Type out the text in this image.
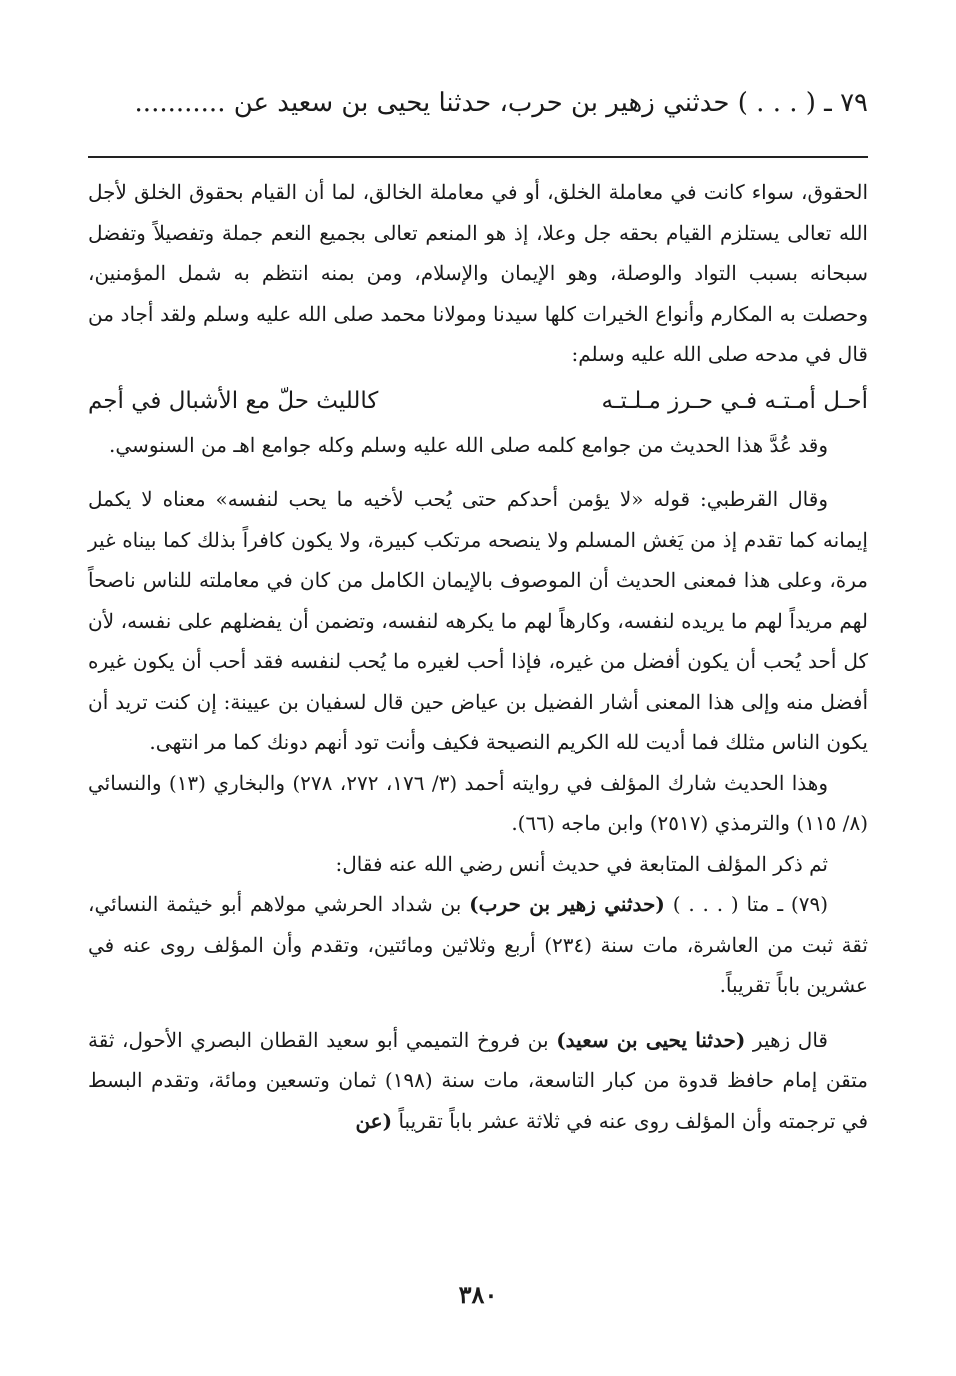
٧٩ ـ ( . . . ) حدثني زهير بن حرب، حدثنا يحيى بن سعيد عن ...........

الحقوق، سواء كانت في معاملة الخلق، أو في معاملة الخالق، لما أن القيام بحقوق الخلق لأجل الله تعالى يستلزم القيام بحقه جل وعلا، إذ هو المنعم تعالى بجميع النعم جملة وتفصيلاً وتفضل سبحانه بسبب التواد والوصلة، وهو الإيمان والإسلام، ومن بمنه انتظم به شمل المؤمنين، وحصلت به المكارم وأنواع الخيرات كلها سيدنا ومولانا محمد صلى الله عليه وسلم ولقد أجاد من قال في مدحه صلى الله عليه وسلم:

أحـل أمـتـه فـي حـرز مـلـتـه
كالليث حلّ مع الأشبال في أجم

وقد عُدَّ هذا الحديث من جوامع كلمه صلى الله عليه وسلم وكله جوامع اهـ من السنوسي.

وقال القرطبي: قوله «لا يؤمن أحدكم حتى يُحب لأخيه ما يحب لنفسه» معناه لا يكمل إيمانه كما تقدم إذ من يَغش المسلم ولا ينصحه مرتكب كبيرة، ولا يكون كافراً بذلك كما بيناه غير مرة، وعلى هذا فمعنى الحديث أن الموصوف بالإيمان الكامل من كان في معاملته للناس ناصحاً لهم مريداً لهم ما يريده لنفسه، وكارهاً لهم ما يكرهه لنفسه، وتضمن أن يفضلهم على نفسه، لأن كل أحد يُحب أن يكون أفضل من غيره، فإذا أحب لغيره ما يُحب لنفسه فقد أحب أن يكون غيره أفضل منه وإلى هذا المعنى أشار الفضيل بن عياض حين قال لسفيان بن عيينة: إن كنت تريد أن يكون الناس مثلك فما أديت لله الكريم النصيحة فكيف وأنت تود أنهم دونك كما مر انتهى.

وهذا الحديث شارك المؤلف في روايته أحمد (٣/ ١٧٦، ٢٧٢، ٢٧٨) والبخاري (١٣) والنسائي (٨/ ١١٥) والترمذي (٢٥١٧) وابن ماجه (٦٦).

ثم ذكر المؤلف المتابعة في حديث أنس رضي الله عنه فقال:

(٧٩) ـ متا ( . . . ) (حدثني زهير بن حرب) بن شداد الحرشي مولاهم أبو خيثمة النسائي، ثقة ثبت من العاشرة، مات سنة (٢٣٤) أربع وثلاثين ومائتين، وتقدم وأن المؤلف روى عنه في عشرين باباً تقريباً.

قال زهير (حدثنا يحيى بن سعيد) بن فروخ التميمي أبو سعيد القطان البصري الأحول، ثقة متقن إمام حافظ قدوة من كبار التاسعة، مات سنة (١٩٨) ثمان وتسعين ومائة، وتقدم البسط في ترجمته وأن المؤلف روى عنه في ثلاثة عشر باباً تقريباً (عن

٣٨٠
